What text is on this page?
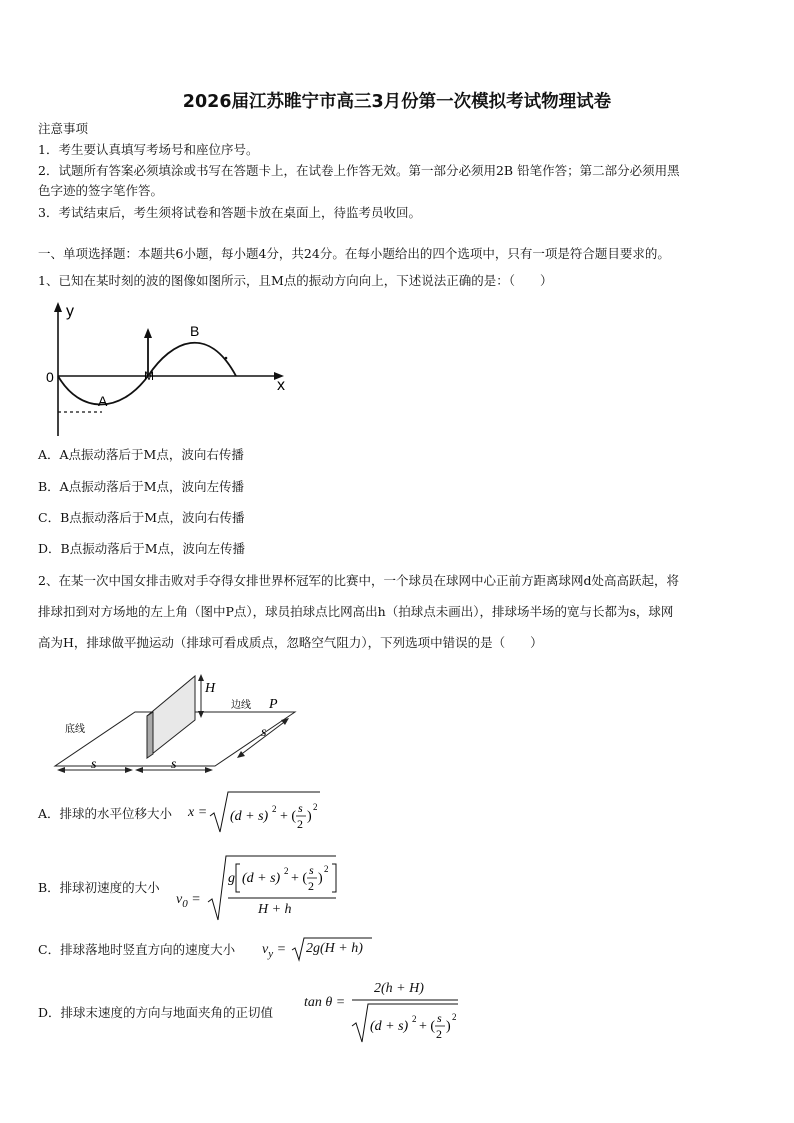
2026届江苏睢宁市高三3月份第一次模拟考试物理试卷
注意事项
1．考生要认真填写考场号和座位序号。
2．试题所有答案必须填涂或书写在答题卡上，在试卷上作答无效。第一部分必须用2B 铅笔作答；第二部分必须用黑
色字迹的签字笔作答。
3．考试结束后，考生须将试卷和答题卡放在桌面上，待监考员收回。
一、单项选择题：本题共6小题，每小题4分，共24分。在每小题给出的四个选项中，只有一项是符合题目要求的。
1、已知在某时刻的波的图像如图所示，且M点的振动方向向上，下述说法正确的是：（　　）
y
x
0
A
B
M
A．A点振动落后于M点，波向右传播
B．A点振动落后于M点，波向左传播
C．B点振动落后于M点，波向右传播
D．B点振动落后于M点，波向左传播
2、在某一次中国女排击败对手夺得女排世界杯冠军的比赛中，一个球员在球网中心正前方距离球网d处高高跃起，将
排球扣到对方场地的左上角（图中P点），球员拍球点比网高出h（拍球点未画出），排球场半场的宽与长都为s，球网
高为H，排球做平抛运动（排球可看成质点，忽略空气阻力），下列选项中错误的是（　　）
H
边线 P
底线
s	s
s
A．排球的水平位移大小 x = (d + s) 2 + (
s
2 )
2
B．排球初速度的大小
$v_0$ =
g (d + s) 2 + (
s
2 )
2
H + h
C．排球落地时竖直方向的速度大小 $v_y = 2g(H + h)$
D．排球末速度的方向与地面夹角的正切值
tan θ =
2(h + H)
(d + s) 2 + (
s
2 )
2
